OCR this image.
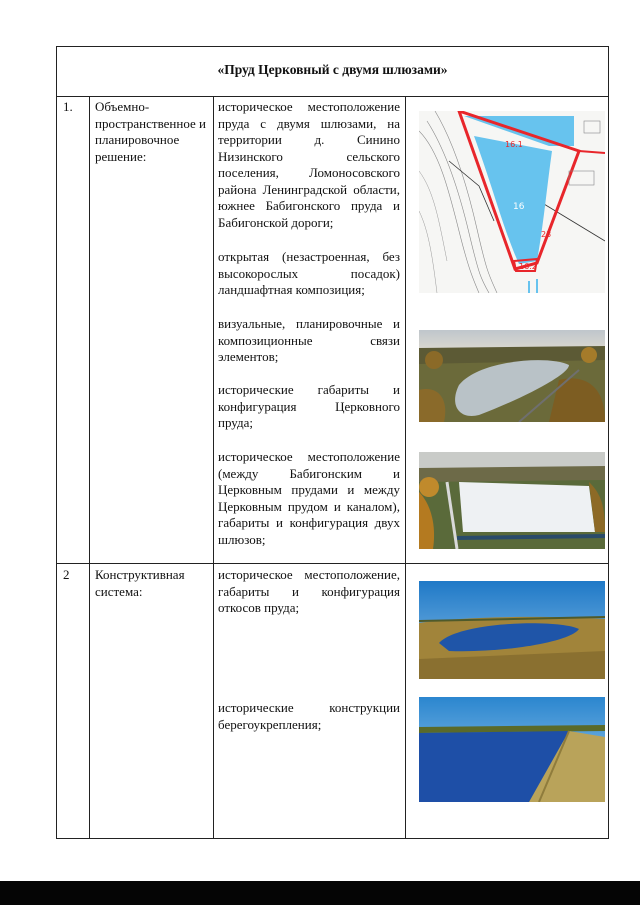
«Пруд Церковный с двумя шлюзами»
1. Объемно-пространственное и планировочное решение:
историческое местоположение пруда с двумя шлюзами, на территории д. Синино Низинского сельского поселения, Ломоносовского района Ленинградской области, южнее Бабигонского пруда и Бабигонской дороги;
открытая (незастроенная, без высокорослых посадок) ландшафтная композиция;
визуальные, планировочные и композиционные связи элементов;
исторические габариты и конфигурация Церковного пруда;
историческое местоположение (между Бабигонским и Церковным прудами и между Церковным прудом и каналом), габариты и конфигурация двух шлюзов;
16.1
16
23
16.2
2 Конструктивная система:
историческое местоположение, габариты и конфигурация откосов пруда;
исторические конструкции берегоукрепления;
